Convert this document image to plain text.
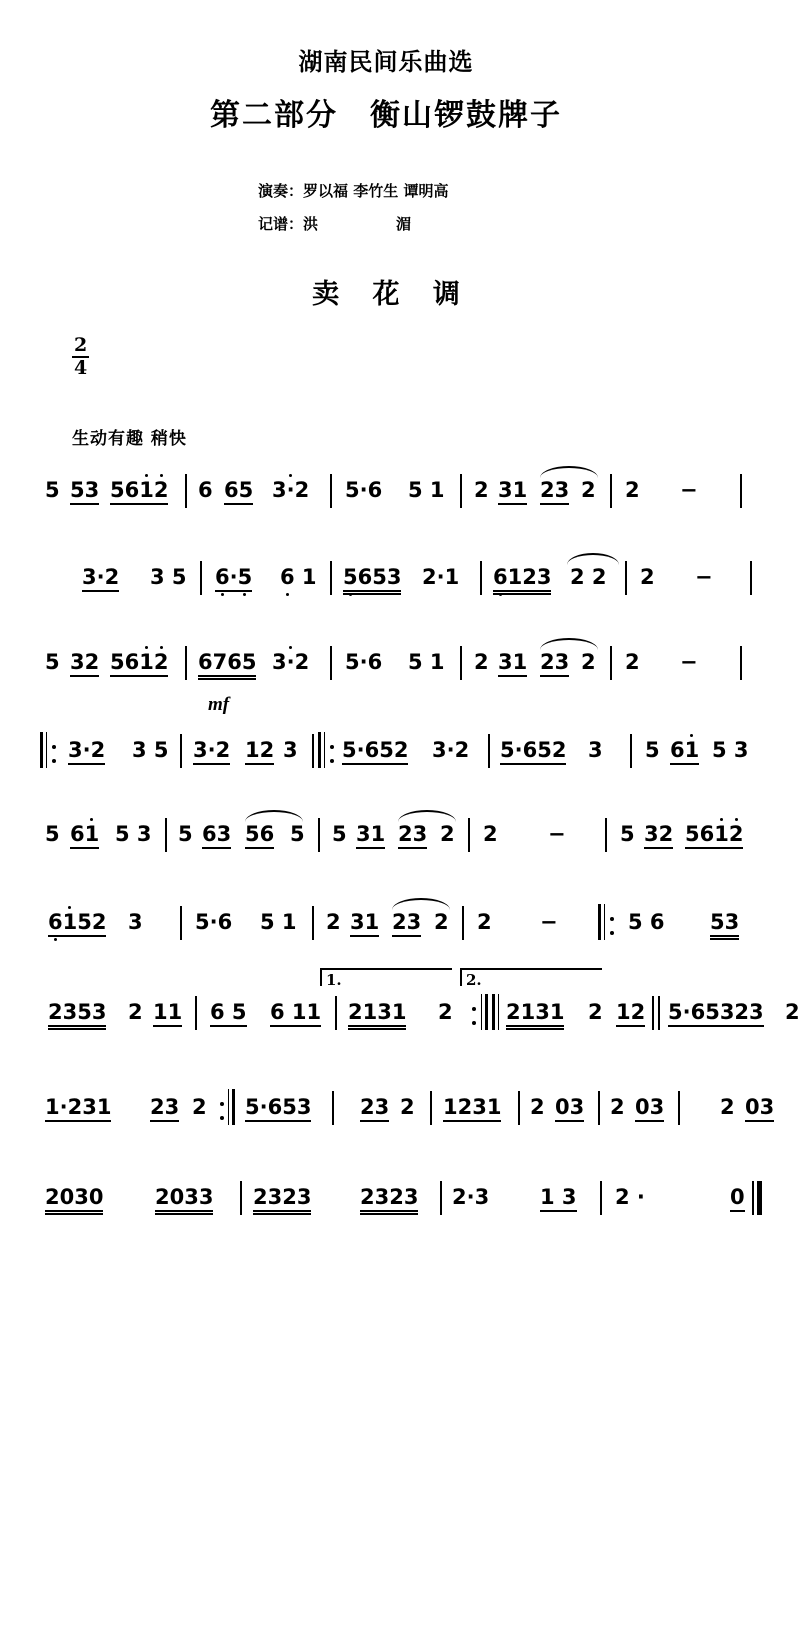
湖南民间乐曲选
第二部分　衡山锣鼓牌子
演奏：罗以福 李竹生 谭明高
记谱：洪	湄
卖 花 调
$\frac{2}{4}$
生动有趣 稍快
mf

5

53

5612

6

65

3·2

5·6

5 1

2

31

23

2

2

−

3·2

3 5

6·5

6 1

5653

2·1

6123

2 2

2

−

5

32

5612

6765

3·2

5·6

5 1

2

31

23

2

2

−

3·2

3 5

3·2

12

3

5·652

3·2

5·652

3

5

61

5 3

5

61

5 3

5

63

56

5

5

31

23

2

2

−

	5

32

5612

6152

3

5·6

5 1

2

31

23

2

2

−

	5 6

53

1.	2.

2353

2

11

6 5

6 11

2131

2

	2131

2

12

5·65323

2

1·231

23

2

5·653

23

2

1231

2

03

2

03

	2

03

2030

2033

2323

2323

2·3

1 3

2 ·

	0
